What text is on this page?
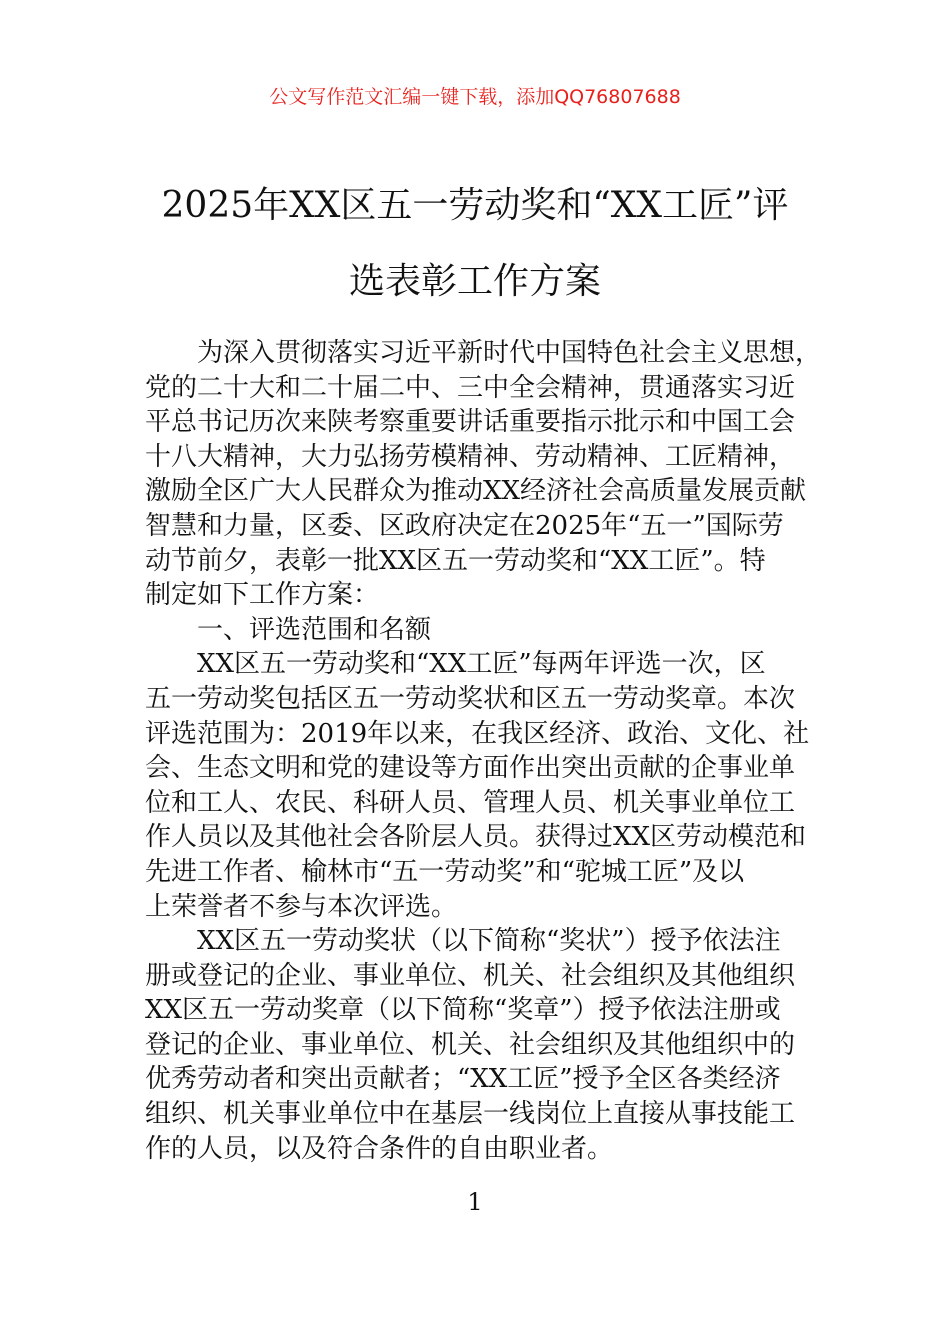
公文写作范文汇编一键下载，添加QQ76807688
2025年XX区五一劳动奖和“XX工匠”评
选表彰工作方案
为深入贯彻落实习近平新时代中国特色社会主义思想，
党的二十大和二十届二中、三中全会精神，贯通落实习近
平总书记历次来陕考察重要讲话重要指示批示和中国工会
十八大精神，大力弘扬劳模精神、劳动精神、工匠精神，
激励全区广大人民群众为推动XX经济社会高质量发展贡献
智慧和力量，区委、区政府决定在2025年“五一”国际劳
动节前夕，表彰一批XX区五一劳动奖和“XX工匠”。特
制定如下工作方案：
一、评选范围和名额
XX区五一劳动奖和“XX工匠”每两年评选一次，区
五一劳动奖包括区五一劳动奖状和区五一劳动奖章。本次
评选范围为：2019年以来，在我区经济、政治、文化、社
会、生态文明和党的建设等方面作出突出贡献的企事业单
位和工人、农民、科研人员、管理人员、机关事业单位工
作人员以及其他社会各阶层人员。获得过XX区劳动模范和
先进工作者、榆林市“五一劳动奖”和“驼城工匠”及以
上荣誉者不参与本次评选。
XX区五一劳动奖状（以下简称“奖状”）授予依法注
册或登记的企业、事业单位、机关、社会组织及其他组织
XX区五一劳动奖章（以下简称“奖章”）授予依法注册或
登记的企业、事业单位、机关、社会组织及其他组织中的
优秀劳动者和突出贡献者；“XX工匠”授予全区各类经济
组织、机关事业单位中在基层一线岗位上直接从事技能工
作的人员，以及符合条件的自由职业者。
1
